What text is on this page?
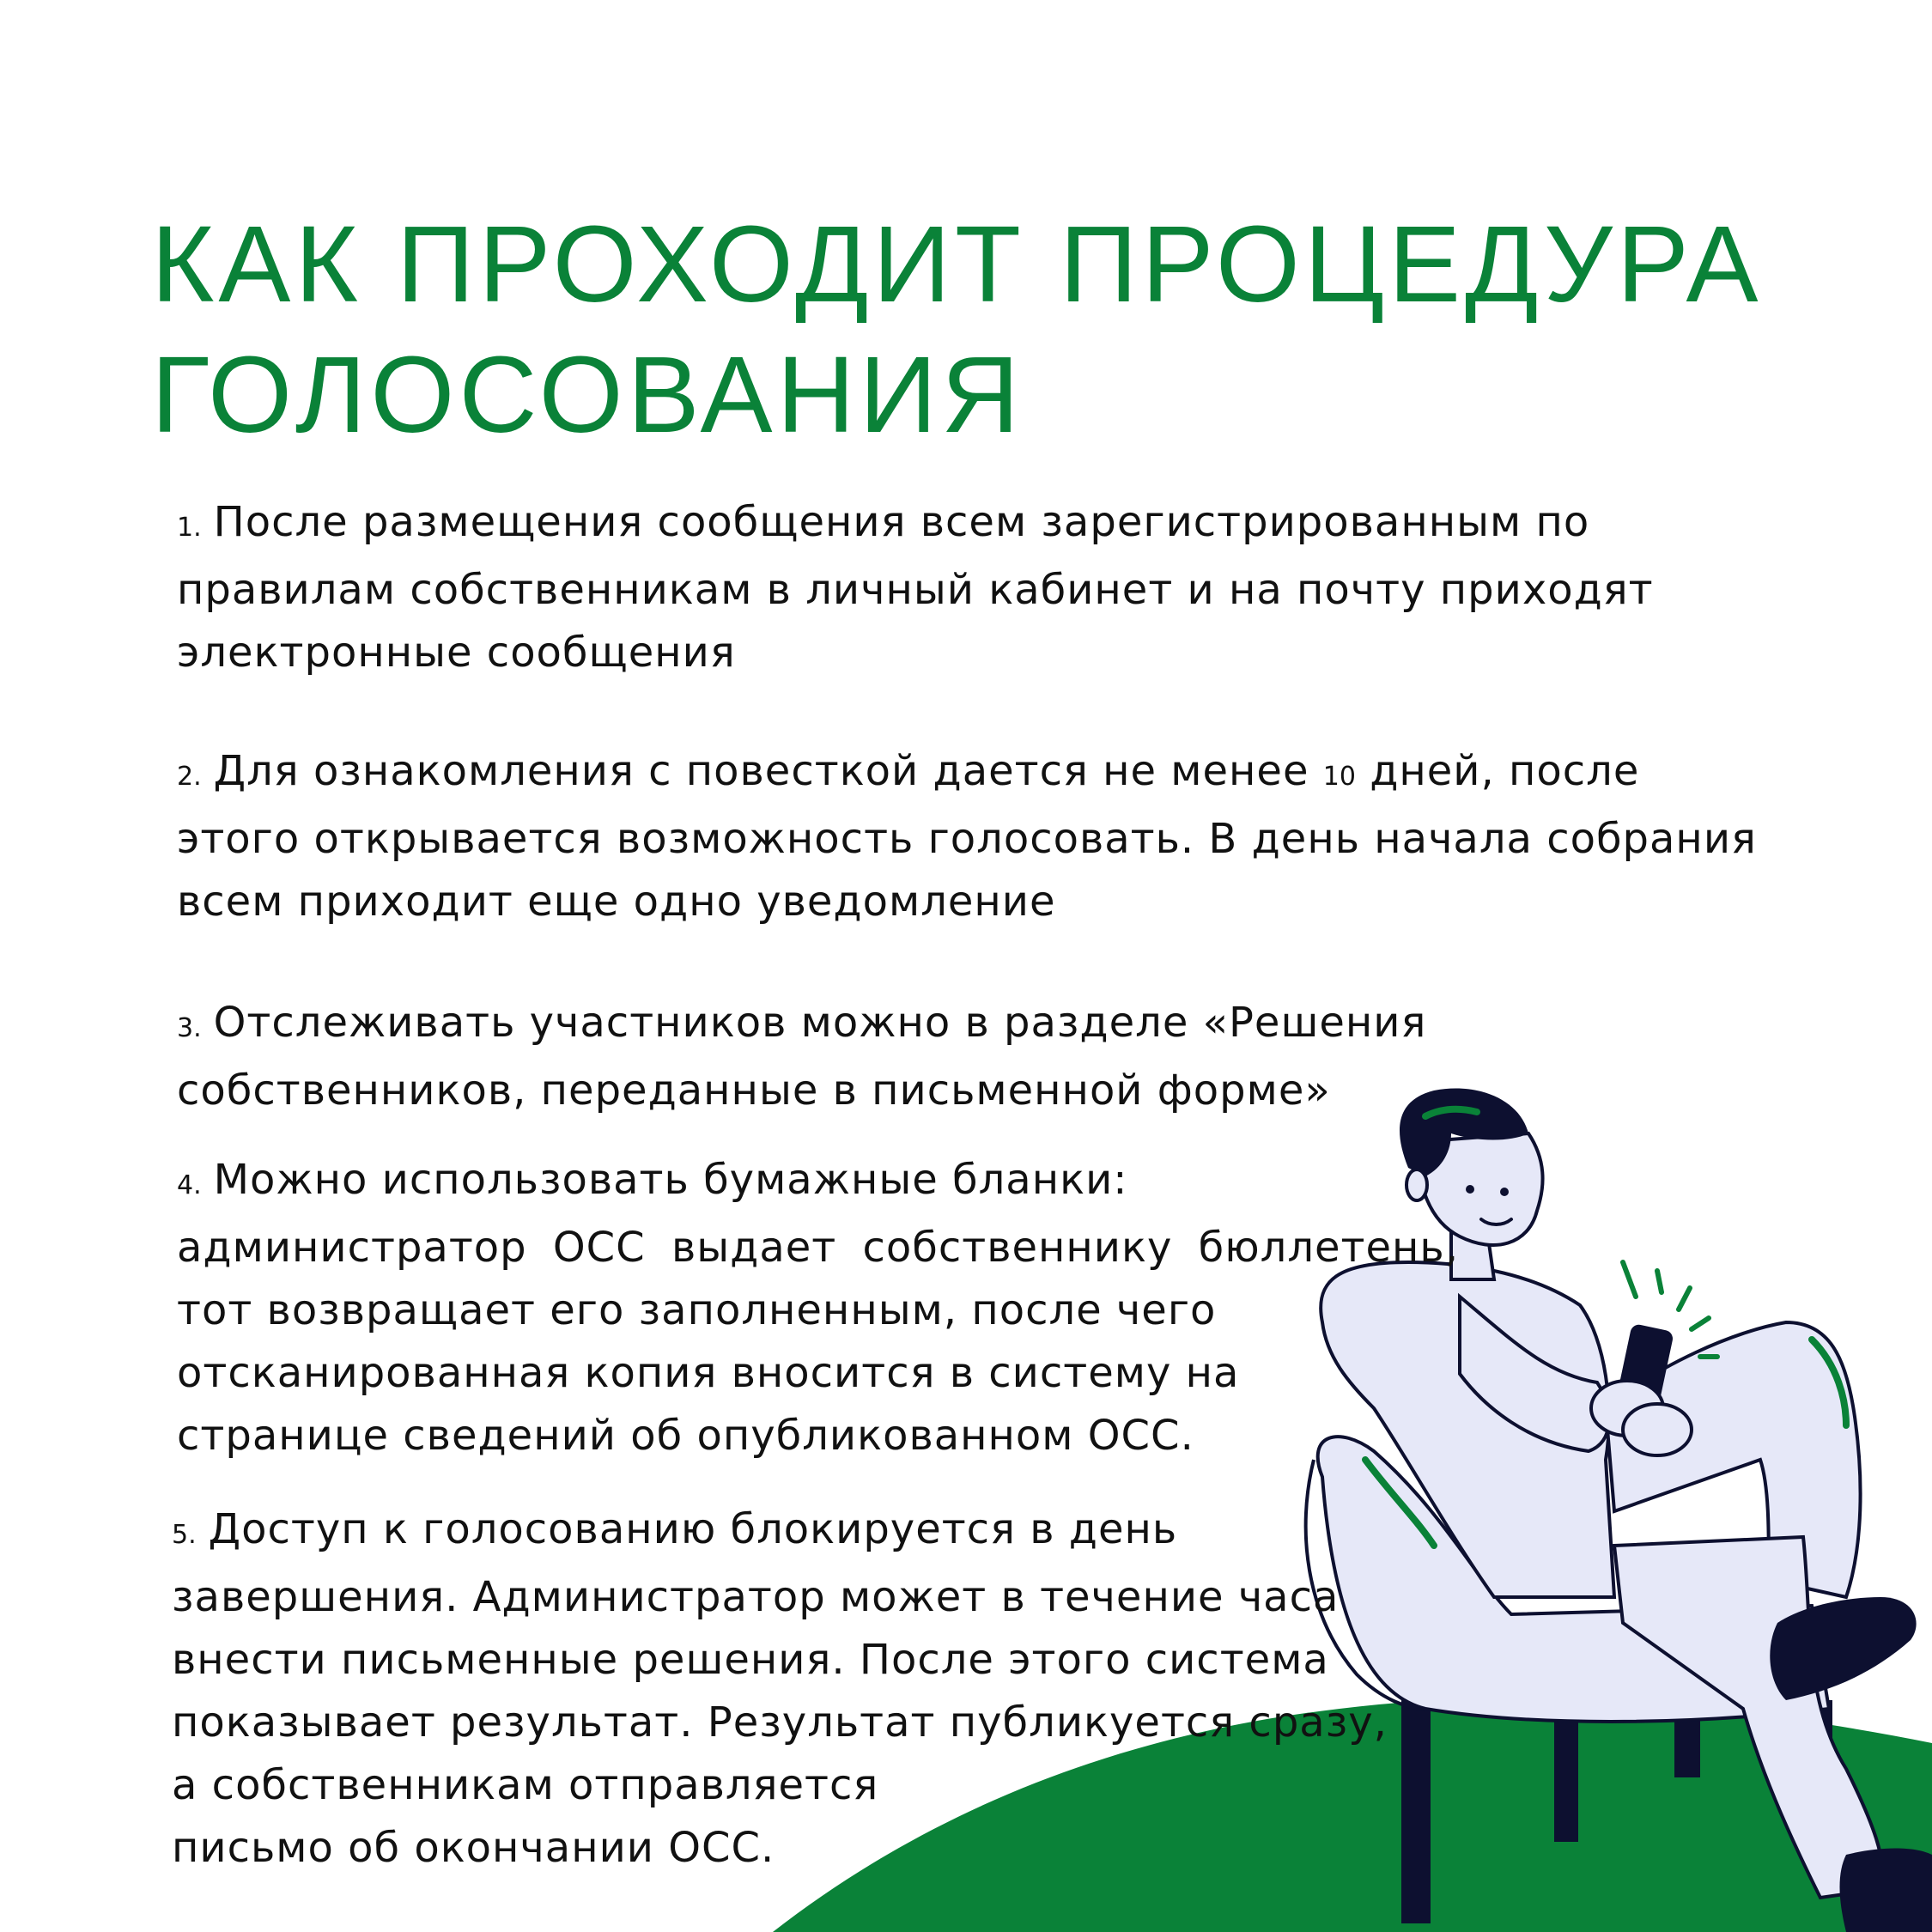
КАК ПРОХОДИТ ПРОЦЕДУРА
ГОЛОСОВАНИЯ
1. После размещения сообщения всем зарегистрированным по
правилам собственникам в личный кабинет и на почту приходят
электронные сообщения
2. Для ознакомления с повесткой дается не менее 10 дней, после
этого открывается возможность голосовать. В день начала собрания
всем приходит еще одно уведомление
3. Отслеживать участников можно в разделе «Решения
собственников, переданные в письменной форме»
4. Можно использовать бумажные бланки:
администратор ОСС выдает собственнику бюллетень,
тот возвращает его заполненным, после чего
отсканированная копия вносится в систему на
странице сведений об опубликованном ОСС.
5. Доступ к голосованию блокируется в день
завершения. Администратор может в течение часа
внести письменные решения. После этого система
показывает результат. Результат публикуется сразу,
а собственникам отправляется
письмо об окончании ОСС.
